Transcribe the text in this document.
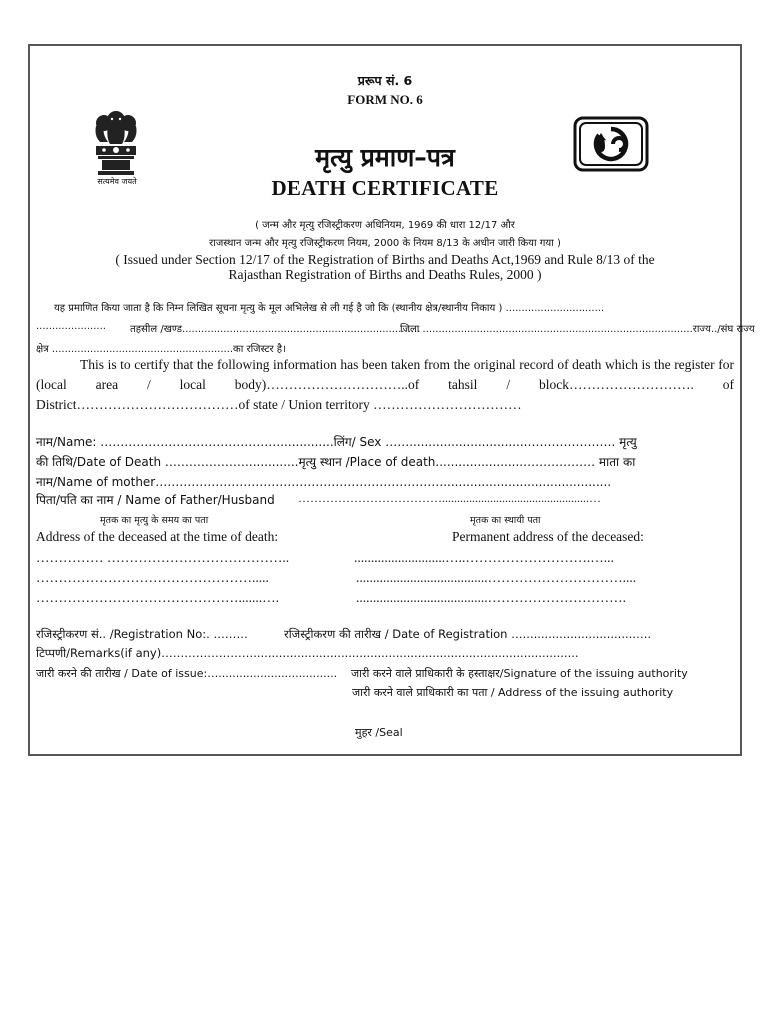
प्ररूप सं. 6
FORM NO. 6
सत्यमेव जयते
मृत्यु प्रमाण–पत्र
DEATH CERTIFICATE
( जन्म और मृत्यु रजिस्ट्रीकरण अधिनियम, 1969 की धारा 12/17 और
राजस्थान जन्म और मृत्यु रजिस्ट्रीकरण नियम, 2000 के नियम 8/13 के अधीन जारी किया गया )
( Issued under Section 12/17 of the Registration of Births and Deaths Act,1969 and Rule 8/13 of the
Rajasthan Registration of Births and Deaths Rules, 2000 )
यह प्रमाणित किया जाता है कि निम्न लिखित सूचना मृत्यु के मूल अभिलेख से ली गई है जो कि (स्थानीय क्षेत्र/स्थानीय निकाय ) ...............................
...................... तहसील /खण्ड...........................................................................
जिला .....................................................................................राज्य../संघ राज्य
क्षेत्र .........................................................का रजिस्टर है।
This is to certify that the following information has been taken from the original record of death which is the register for (local area / local body)…………………………..of tahsil / block………………………. of District………………………………of state / Union territory ……………………………
नाम/Name: ………………………………………..............लिंग/ Sex ……...............................…………………. मृत्यु
की तिथि/Date of Death ………………….............मृत्यु स्थान /Place of death.......................……………… माता का
नाम/Name of mother………………………………………………………………............................................
पिता/पति का नाम / Name of Father/Husband ……………………………….................................................…
मृतक का मृत्यु के समय का पता	मृतक का स्थायी पता
Address of the deceased at the time of death:	Permanent address of the deceased:
…………… …………………………………..	...........................…..……………………….…...
………………………………………….....	.......................................…………………………....
……………………………………….......….	.......................................………………………….
रजिस्ट्रीकरण सं.. /Registration No:. ………	रजिस्ट्रीकरण की तारीख / Date of Registration …..............................…..
टिप्पणी/Remarks(if any)…………………….........................................................................................
जारी करने की तारीख / Date of issue:….................................. जारी करने वाले प्राधिकारी के हस्ताक्षर/Signature of the issuing authority
जारी करने वाले प्राधिकारी का पता / Address of the issuing authority
मुहर /Seal
